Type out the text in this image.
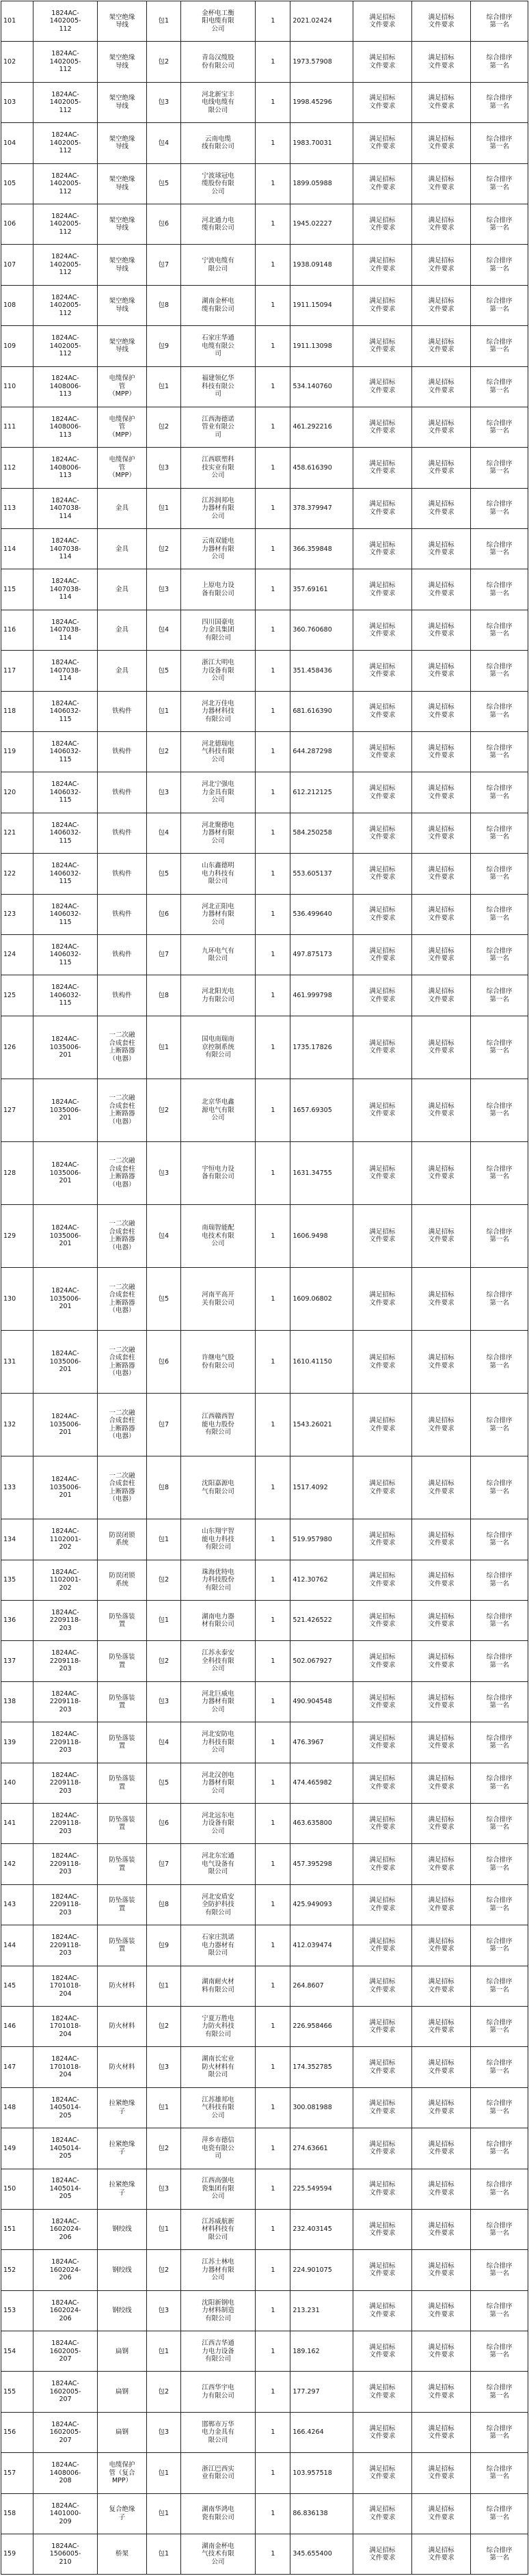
101	1824AC-
1402005-
112	架空绝缘
导线	包1	金杯电工衡
阳电缆有限
公司	1	2021.02424	满足招标
文件要求	满足招标
文件要求	综合排序
第一名
102	1824AC-
1402005-
112	架空绝缘
导线	包2	青岛汉缆股
份有限公司	1	1973.57908	满足招标
文件要求	满足招标
文件要求	综合排序
第一名
103	1824AC-
1402005-
112	架空绝缘
导线	包3	河北新宝丰
电线电缆有
限公司	1	1998.45296	满足招标
文件要求	满足招标
文件要求	综合排序
第一名
104	1824AC-
1402005-
112	架空绝缘
导线	包4	云南电缆
线有限公司	1	1983.70031	满足招标
文件要求	满足招标
文件要求	综合排序
第一名
105	1824AC-
1402005-
112	架空绝缘
导线	包5	宁波球冠电
缆股份有限
公司	1	1899.05988	满足招标
文件要求	满足招标
文件要求	综合排序
第一名
106	1824AC-
1402005-
112	架空绝缘
导线	包6	河北通力电
缆有限公司	1	1945.02227	满足招标
文件要求	满足招标
文件要求	综合排序
第一名
107	1824AC-
1402005-
112	架空绝缘
导线	包7	宁波电缆有
限公司	1	1938.09148	满足招标
文件要求	满足招标
文件要求	综合排序
第一名
108	1824AC-
1402005-
112	架空绝缘
导线	包8	湖南金杯电
缆有限公司	1	1911.15094	满足招标
文件要求	满足招标
文件要求	综合排序
第一名
109	1824AC-
1402005-
112	架空绝缘
导线	包9	石家庄华通
电缆有限公
司	1	1911.13098	满足招标
文件要求	满足招标
文件要求	综合排序
第一名
110	1824AC-
1408006-
113	电缆保护
管
（MPP）	包1	福建领亿华
科技有限公
司	1	534.140760	满足招标
文件要求	满足招标
文件要求	综合排序
第一名
111	1824AC-
1408006-
113	电缆保护
管
（MPP）	包2	江西海德诺
管业有限公
司	1	461.292216	满足招标
文件要求	满足招标
文件要求	综合排序
第一名
112	1824AC-
1408006-
113	电缆保护
管
（MPP）	包3	江西联塑科
技实业有限
公司	1	458.616390	满足招标
文件要求	满足招标
文件要求	综合排序
第一名
113	1824AC-
1407038-
114	金具	包1	江苏润邦电
力器材有限
公司	1	378.379947	满足招标
文件要求	满足招标
文件要求	综合排序
第一名
114	1824AC-
1407038-
114	金具	包2	云南双能电
力器材有限
公司	1	366.359848	满足招标
文件要求	满足招标
文件要求	综合排序
第一名
115	1824AC-
1407038-
114	金具	包3	上原电力设
备有限公司	1	357.69161	满足招标
文件要求	满足招标
文件要求	综合排序
第一名
116	1824AC-
1407038-
114	金具	包4	四川国豪电
力金具集团
有限公司	1	360.760680	满足招标
文件要求	满足招标
文件要求	综合排序
第一名
117	1824AC-
1407038-
114	金具	包5	浙江大明电
力设备有限
公司	1	351.458436	满足招标
文件要求	满足招标
文件要求	综合排序
第一名
118	1824AC-
1406032-
115	铁构件	包1	河北万佳电
力器材科技
有限公司	1	681.616390	满足招标
文件要求	满足招标
文件要求	综合排序
第一名
119	1824AC-
1406032-
115	铁构件	包2	河北德瑞电
气科技有限
公司	1	644.287298	满足招标
文件要求	满足招标
文件要求	综合排序
第一名
120	1824AC-
1406032-
115	铁构件	包3	河北宁强电
力金具有限
公司	1	612.212125	满足招标
文件要求	满足招标
文件要求	综合排序
第一名
121	1824AC-
1406032-
115	铁构件	包4	河北聚德电
力器材有限
公司	1	584.250258	满足招标
文件要求	满足招标
文件要求	综合排序
第一名
122	1824AC-
1406032-
115	铁构件	包5	山东鑫德明
电力科技有
限公司	1	553.605137	满足招标
文件要求	满足招标
文件要求	综合排序
第一名
123	1824AC-
1406032-
115	铁构件	包6	河北正阳电
力器材有限
公司	1	536.499640	满足招标
文件要求	满足招标
文件要求	综合排序
第一名
124	1824AC-
1406032-
115	铁构件	包7	九环电气有
限公司	1	497.875173	满足招标
文件要求	满足招标
文件要求	综合排序
第一名
125	1824AC-
1406032-
115	铁构件	包8	河北阳光电
力有限公司	1	461.999798	满足招标
文件要求	满足招标
文件要求	综合排序
第一名
126	1824AC-
1035006-
201	一二次融
合成套柱
上断路器
（电器）	包1	国电南瑞南
京控制系统
有限公司	1	1735.17826	满足招标
文件要求	满足招标
文件要求	综合排序
第一名
127	1824AC-
1035006-
201	一二次融
合成套柱
上断路器
（电器）	包2	北京华电鑫
源电气有限
公司	1	1657.69305	满足招标
文件要求	满足招标
文件要求	综合排序
第一名
128	1824AC-
1035006-
201	一二次融
合成套柱
上断路器
（电器）	包3	宇恒电力设
备有限公司	1	1631.34755	满足招标
文件要求	满足招标
文件要求	综合排序
第一名
129	1824AC-
1035006-
201	一二次融
合成套柱
上断路器
（电器）	包4	南瑞智能配
电技术有限
公司	1	1606.9498	满足招标
文件要求	满足招标
文件要求	综合排序
第一名
130	1824AC-
1035006-
201	一二次融
合成套柱
上断路器
（电器）	包5	河南平高开
关有限公司	1	1609.06802	满足招标
文件要求	满足招标
文件要求	综合排序
第一名
131	1824AC-
1035006-
201	一二次融
合成套柱
上断路器
（电器）	包6	许继电气股
份有限公司	1	1610.41150	满足招标
文件要求	满足招标
文件要求	综合排序
第一名
132	1824AC-
1035006-
201	一二次融
合成套柱
上断路器
（电器）	包7	江西赣西智
能电力股份
有限公司	1	1543.26021	满足招标
文件要求	满足招标
文件要求	综合排序
第一名
133	1824AC-
1035006-
201	一二次融
合成套柱
上断路器
（电器）	包8	沈阳嘉源电
气有限公司	1	1517.4092	满足招标
文件要求	满足招标
文件要求	综合排序
第一名
134	1824AC-
1102001-
202	防误闭锁
系统	包1	山东翔宇智
能电力科技
有限公司	1	519.957980	满足招标
文件要求	满足招标
文件要求	综合排序
第一名
135	1824AC-
1102001-
202	防误闭锁
系统	包2	珠海优特电
力科技股份
有限公司	1	412.30762	满足招标
文件要求	满足招标
文件要求	综合排序
第一名
136	1824AC-
2209118-
203	防坠落装
置	包1	湖南电力器
材有限公司	1	521.426522	满足招标
文件要求	满足招标
文件要求	综合排序
第一名
137	1824AC-
2209118-
203	防坠落装
置	包2	江苏永泰安
全科技有限
公司	1	502.067927	满足招标
文件要求	满足招标
文件要求	综合排序
第一名
138	1824AC-
2209118-
203	防坠落装
置	包3	河北巨威电
力器材有限
公司	1	490.904548	满足招标
文件要求	满足招标
文件要求	综合排序
第一名
139	1824AC-
2209118-
203	防坠落装
置	包4	河北安防电
力科技有限
公司	1	476.3967	满足招标
文件要求	满足招标
文件要求	综合排序
第一名
140	1824AC-
2209118-
203	防坠落装
置	包5	河北汉创电
力器材有限
公司	1	474.465982	满足招标
文件要求	满足招标
文件要求	综合排序
第一名
141	1824AC-
2209118-
203	防坠落装
置	包6	河北远东电
力设备有限
公司	1	463.635800	满足招标
文件要求	满足招标
文件要求	综合排序
第一名
142	1824AC-
2209118-
203	防坠落装
置	包7	河北东宏通
电气设备有
限公司	1	457.395298	满足招标
文件要求	满足招标
文件要求	综合排序
第一名
143	1824AC-
2209118-
203	防坠落装
置	包8	河北安盾安
全防护科技
有限公司	1	425.949093	满足招标
文件要求	满足招标
文件要求	综合排序
第一名
144	1824AC-
2209118-
203	防坠落装
置	包9	石家庄凯诺
电力器材有
限公司	1	412.039474	满足招标
文件要求	满足招标
文件要求	综合排序
第一名
145	1824AC-
1701018-
204	防火材料	包1	湖南耐火材
料有限公司	1	264.8607	满足招标
文件要求	满足招标
文件要求	综合排序
第一名
146	1824AC-
1701018-
204	防火材料	包2	宁夏万胜电
力防火科技
有限公司	1	226.958466	满足招标
文件要求	满足招标
文件要求	综合排序
第一名
147	1824AC-
1701018-
204	防火材料	包3	湖南长宏业
防火材料有
限公司	1	174.352785	满足招标
文件要求	满足招标
文件要求	综合排序
第一名
148	1824AC-
1405014-
205	拉紧绝缘
子	包1	江苏雄邦电
气科技有限
公司	1	300.081988	满足招标
文件要求	满足招标
文件要求	综合排序
第一名
149	1824AC-
1405014-
205	拉紧绝缘
子	包2	萍乡市德信
电瓷有限公
司	1	274.63661	满足招标
文件要求	满足招标
文件要求	综合排序
第一名
150	1824AC-
1405014-
205	拉紧绝缘
子	包3	江西高强电
瓷集团有限
公司	1	225.549594	满足招标
文件要求	满足招标
文件要求	综合排序
第一名
151	1824AC-
1602024-
206	钢绞线	包1	江苏威航新
材料科技有
限公司	1	232.403145	满足招标
文件要求	满足招标
文件要求	综合排序
第一名
152	1824AC-
1602024-
206	钢绞线	包2	江苏士林电
力器材有限
公司	1	224.901075	满足招标
文件要求	满足招标
文件要求	综合排序
第一名
153	1824AC-
1602024-
206	钢绞线	包3	沈阳新钢电
力材料制造
有限公司	1	213.231	满足招标
文件要求	满足招标
文件要求	综合排序
第一名
154	1824AC-
1602005-
207	扁钢	包1	江西吉华通
力电力设备
有限公司	1	189.162	满足招标
文件要求	满足招标
文件要求	综合排序
第一名
155	1824AC-
1602005-
207	扁钢	包2	江西华宇电
力有限公司	1	177.297	满足招标
文件要求	满足招标
文件要求	综合排序
第一名
156	1824AC-
1602005-
207	扁钢	包3	邯郸市万华
电力金具有
限公司	1	166.4264	满足招标
文件要求	满足招标
文件要求	综合排序
第一名
157	1824AC-
1408006-
208	电缆保护
管（复合
MPP）	包1	浙江巴西实
业有限公司	1	103.957518	满足招标
文件要求	满足招标
文件要求	综合排序
第一名
158	1824AC-
1401000-
209	复合绝缘
子	包1	湖南华鸿电
瓷有限公司	1	86.836138	满足招标
文件要求	满足招标
文件要求	综合排序
第一名
159	1824AC-
1506005-
210	桥架	包1	湖南金杯电
气技术有限
公司	1	345.655400	满足招标
文件要求	满足招标
文件要求	综合排序
第一名
